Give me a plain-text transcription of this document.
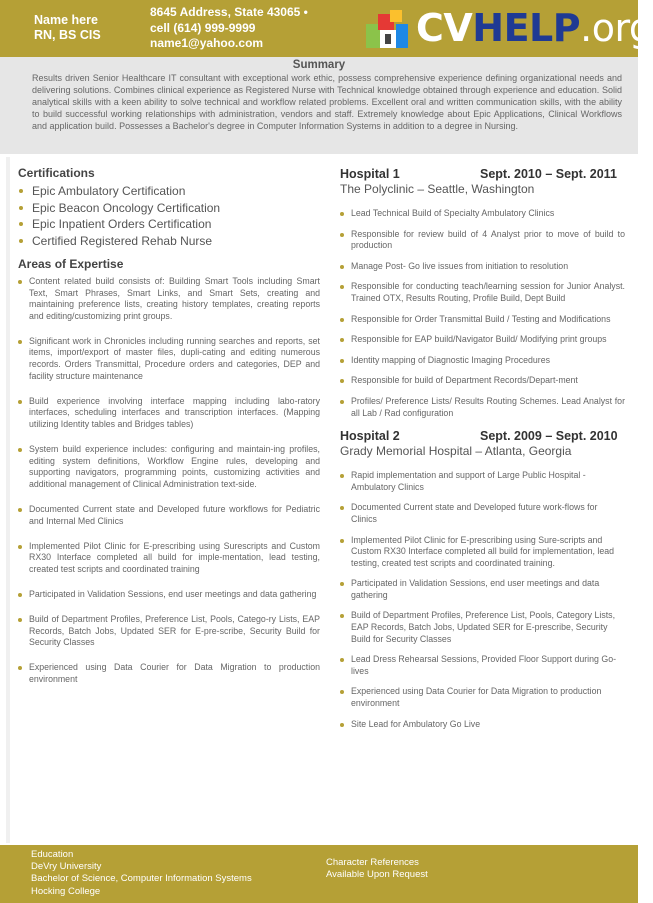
Name here
RN, BS CIS
8645 Address, State 43065 •
cell (614) 999-9999
name1@yahoo.com	CVHELP.org
Summary
Results driven Senior Healthcare IT consultant with exceptional work ethic, possess comprehensive experience defining organizational needs and delivering solutions. Combines clinical experience as Registered Nurse with Technical knowledge obtained through experience and education. Solid analytical skills with a keen ability to solve technical and workflow related problems. Excellent oral and written communication skills, with the ability to build successful working relationships with administration, vendors and staff. Extremely knowledge about Epic Applications, Clinical Workflows and application build. Possesses a Bachelor's degree in Computer Information Systems in addition to a degree in Nursing.
Certifications
Epic Ambulatory Certification
Epic Beacon Oncology Certification
Epic Inpatient Orders Certification
Certified Registered Rehab Nurse
Areas of Expertise
Content related build consists of: Building Smart Tools including Smart Text, Smart Phrases, Smart Links, and Smart Sets, creating and maintaining preference lists, creating history templates, creating reports and editing/customizing print groups.
Significant work in Chronicles including running searches and reports, set items, import/export of master files, dupli-cating and editing numerous records. Orders Transmittal, Procedure orders and categories, DEP and facility structure maintenance
Build experience involving interface mapping including labo-ratory interfaces, scheduling interfaces and transcription interfaces. (Mapping utilizing Identity tables and Bridges tables)
System build experience includes: configuring and maintain-ing profiles, editing system definitions, Workflow Engine rules, developing and supporting navigators, programming points, customizing activities and additional management of Clinical Administration text-side.
Documented Current state and Developed future workflows for Pediatric and Internal Med Clinics
Implemented Pilot Clinic for E-prescribing using Surescripts and Custom RX30 Interface completed all build for imple-mentation, lead testing, created test scripts and coordinated training
Participated in Validation Sessions, end user meetings and data gathering
Build of Department Profiles, Preference List, Pools, Catego-ry Lists, EAP Records, Batch Jobs, Updated SER for E-pre-scribe, Security Build for Security Classes
Experienced using Data Courier for Data Migration to production environment
Hospital 1	Sept. 2010 – Sept. 2011
The Polyclinic – Seattle, Washington
Lead Technical Build of Specialty Ambulatory Clinics
Responsible for review build of 4 Analyst prior to move of build to production
Manage Post- Go live issues from initiation to resolution
Responsible for conducting teach/learning session for Junior Analyst. Trained OTX, Results Routing, Profile Build, Dept Build
Responsible for Order Transmittal Build / Testing and Modifications
Responsible for EAP build/Navigator Build/ Modifying print groups
Identity mapping of Diagnostic Imaging Procedures
Responsible for build of Department Records/Depart-ment
Profiles/ Preference Lists/ Results Routing Schemes. Lead Analyst for all Lab / Rad configuration
Hospital 2	Sept. 2009 – Sept. 2010
Grady Memorial Hospital – Atlanta, Georgia
Rapid implementation and support of Large Public Hospital - Ambulatory Clinics
Documented Current state and Developed future work-flows for Clinics
Implemented Pilot Clinic for E-prescribing using Sure-scripts and Custom RX30 Interface completed all build for implementation, lead testing, created test scripts and coordinated training.
Participated in Validation Sessions, end user meetings and data gathering
Build of Department Profiles, Preference List, Pools, Category Lists, EAP Records, Batch Jobs, Updated SER for E-prescribe, Security Build for Security Classes
Lead Dress Rehearsal Sessions, Provided Floor Support during Go-lives
Experienced using Data Courier for Data Migration to production environment
Site Lead for Ambulatory Go Live
Education
DeVry University
Bachelor of Science, Computer Information Systems
Hocking College
Character References
Available Upon Request
